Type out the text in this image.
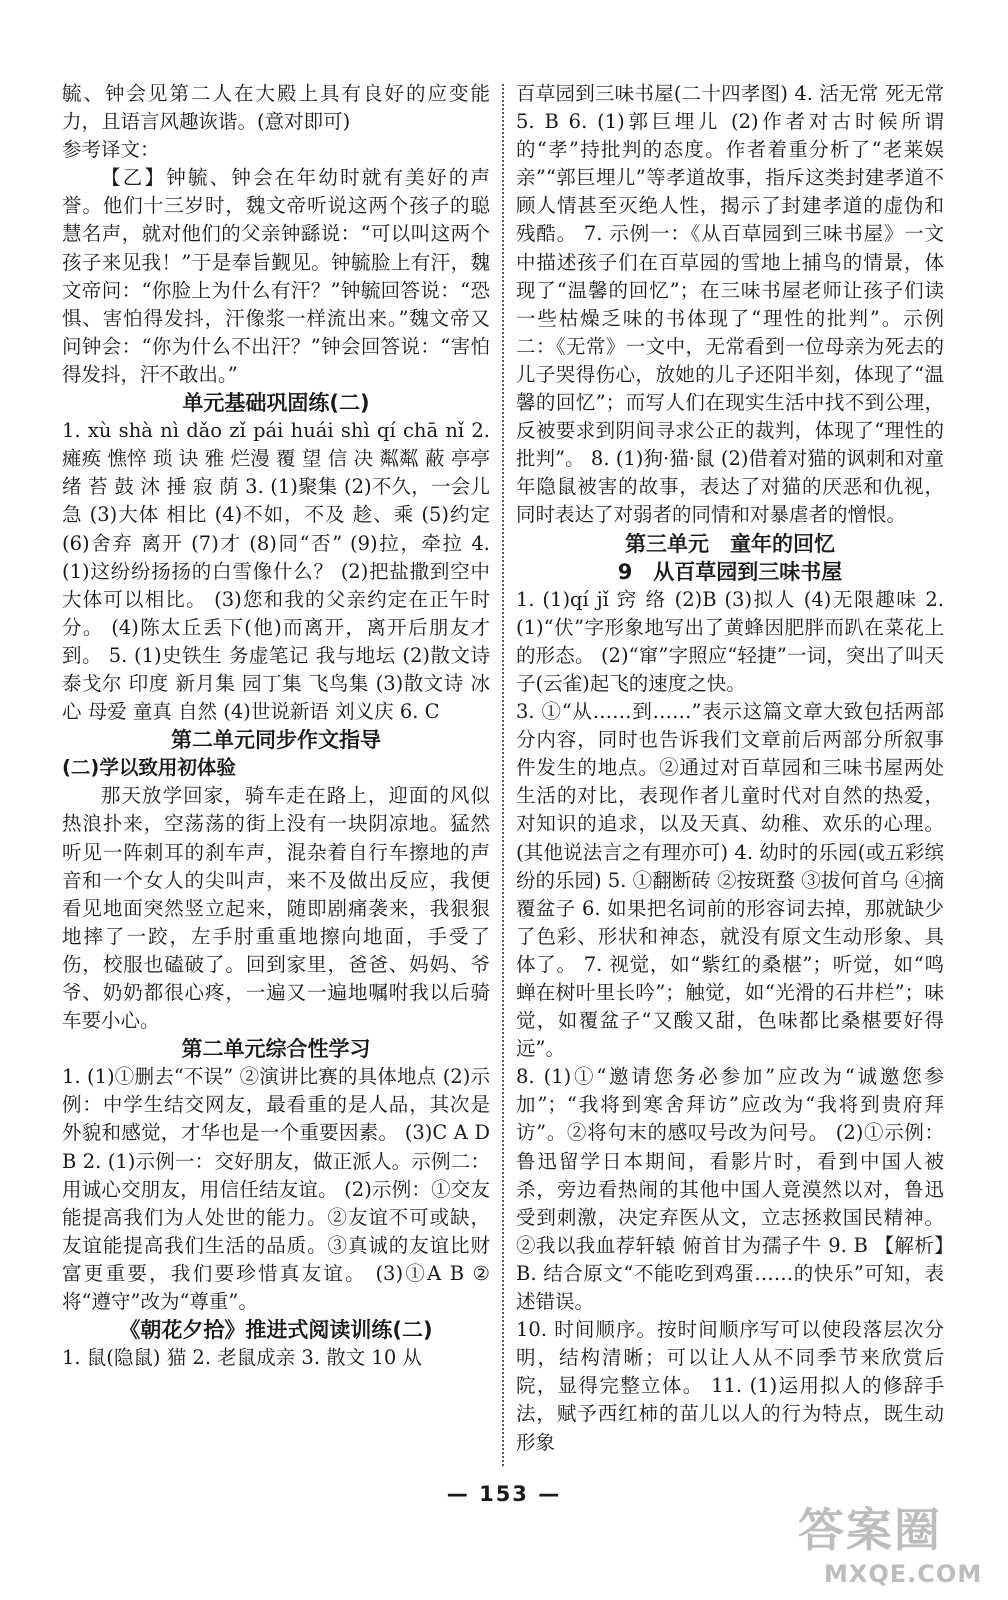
毓、钟会见第二人在大殿上具有良好的应变能力，且语言风趣诙谐。(意对即可)

参考译文：

【乙】钟毓、钟会在年幼时就有美好的声誉。他们十三岁时，魏文帝听说这两个孩子的聪慧名声，就对他们的父亲钟繇说：“可以叫这两个孩子来见我！”于是奉旨觐见。钟毓脸上有汗，魏文帝问：“你脸上为什么有汗？”钟毓回答说：“恐惧、害怕得发抖，汗像浆一样流出来。”魏文帝又问钟会：“你为什么不出汗？”钟会回答说：“害怕得发抖，汗不敢出。”

单元基础巩固练(二)

1. xù shà nì dǎo zǐ pái huái shì qí chā nǐ 2. 瘫痪 憔悴 琐 诀 雅 烂漫 覆 望 信 决 粼粼 蔽 亭亭 绪 苔 鼓 沐 捶 寂 荫 3. (1)聚集 (2)不久，一会儿 急 (3)大体 相比 (4)不如，不及 趁、乘 (5)约定 (6)舍弃 离开 (7)才 (8)同“否” (9)拉，牵拉 4. (1)这纷纷扬扬的白雪像什么？ (2)把盐撒到空中大体可以相比。 (3)您和我的父亲约定在正午时分。 (4)陈太丘丢下(他)而离开，离开后朋友才到。 5. (1)史铁生 务虚笔记 我与地坛 (2)散文诗 泰戈尔 印度 新月集 园丁集 飞鸟集 (3)散文诗 冰心 母爱 童真 自然 (4)世说新语 刘义庆 6. C

第二单元同步作文指导

(二)学以致用初体验

那天放学回家，骑车走在路上，迎面的风似热浪扑来，空荡荡的街上没有一块阴凉地。猛然听见一阵刺耳的刹车声，混杂着自行车擦地的声音和一个女人的尖叫声，来不及做出反应，我便看见地面突然竖立起来，随即剧痛袭来，我狠狠地摔了一跤，左手肘重重地擦向地面，手受了伤，校服也磕破了。回到家里，爸爸、妈妈、爷爷、奶奶都很心疼，一遍又一遍地嘱咐我以后骑车要小心。

第二单元综合性学习

1. (1)①删去“不误” ②演讲比赛的具体地点 (2)示例：中学生结交网友，最看重的是人品，其次是外貌和感觉，才华也是一个重要因素。 (3)C A D B 2. (1)示例一：交好朋友，做正派人。示例二：用诚心交朋友，用信任结友谊。 (2)示例：①交友能提高我们为人处世的能力。②友谊不可或缺，友谊能提高我们生活的品质。③真诚的友谊比财富更重要，我们要珍惜真友谊。 (3)①A B ②将“遵守”改为“尊重”。

《朝花夕拾》推进式阅读训练(二)

1. 鼠(隐鼠) 猫 2. 老鼠成亲 3. 散文 10 从

百草园到三味书屋(二十四孝图) 4. 活无常 死无常 5. B 6. (1)郭巨埋儿 (2)作者对古时候所谓的“孝”持批判的态度。作者着重分析了“老莱娱亲”“郭巨埋儿”等孝道故事，指斥这类封建孝道不顾人情甚至灭绝人性，揭示了封建孝道的虚伪和残酷。 7. 示例一：《从百草园到三味书屋》一文中描述孩子们在百草园的雪地上捕鸟的情景，体现了“温馨的回忆”；在三味书屋老师让孩子们读一些枯燥乏味的书体现了“理性的批判”。示例二：《无常》一文中，无常看到一位母亲为死去的儿子哭得伤心，放她的儿子还阳半刻，体现了“温馨的回忆”；而写人们在现实生活中找不到公理，反被要求到阴间寻求公正的裁判，体现了“理性的批判”。 8. (1)狗·猫·鼠 (2)借着对猫的讽刺和对童年隐鼠被害的故事，表达了对猫的厌恶和仇视，同时表达了对弱者的同情和对暴虐者的憎恨。

第三单元　童年的回忆

9　从百草园到三味书屋

1. (1)qí jǐ 窍 络 (2)B (3)拟人 (4)无限趣味 2. (1)“伏”字形象地写出了黄蜂因肥胖而趴在菜花上的形态。 (2)“窜”字照应“轻捷”一词，突出了叫天子(云雀)起飞的速度之快。

3. ①“从……到……”表示这篇文章大致包括两部分内容，同时也告诉我们文章前后两部分所叙事件发生的地点。②通过对百草园和三味书屋两处生活的对比，表现作者儿童时代对自然的热爱，对知识的追求，以及天真、幼稚、欢乐的心理。(其他说法言之有理亦可) 4. 幼时的乐园(或五彩缤纷的乐园) 5. ①翻断砖 ②按斑蝥 ③拔何首乌 ④摘覆盆子 6. 如果把名词前的形容词去掉，那就缺少了色彩、形状和神态，就没有原文生动形象、具体了。 7. 视觉，如“紫红的桑椹”；听觉，如“鸣蝉在树叶里长吟”；触觉，如“光滑的石井栏”；味觉，如覆盆子“又酸又甜，色味都比桑椹要好得远”。

8. (1)①“邀请您务必参加”应改为“诚邀您参加”；“我将到寒舍拜访”应改为“我将到贵府拜访”。②将句末的感叹号改为问号。 (2)①示例：鲁迅留学日本期间，看影片时，看到中国人被杀，旁边看热闹的其他中国人竟漠然以对，鲁迅受到刺激，决定弃医从文，立志拯救国民精神。 ②我以我血荐轩辕 俯首甘为孺子牛 9. B 【解析】B. 结合原文“不能吃到鸡蛋……的快乐”可知，表述错误。

10. 时间顺序。按时间顺序写可以使段落层次分明，结构清晰；可以让人从不同季节来欣赏后院，显得完整立体。 11. (1)运用拟人的修辞手法，赋予西红柿的苗儿以人的行为特点，既生动形象

— 153 —
答案圈
MXQE.COM
